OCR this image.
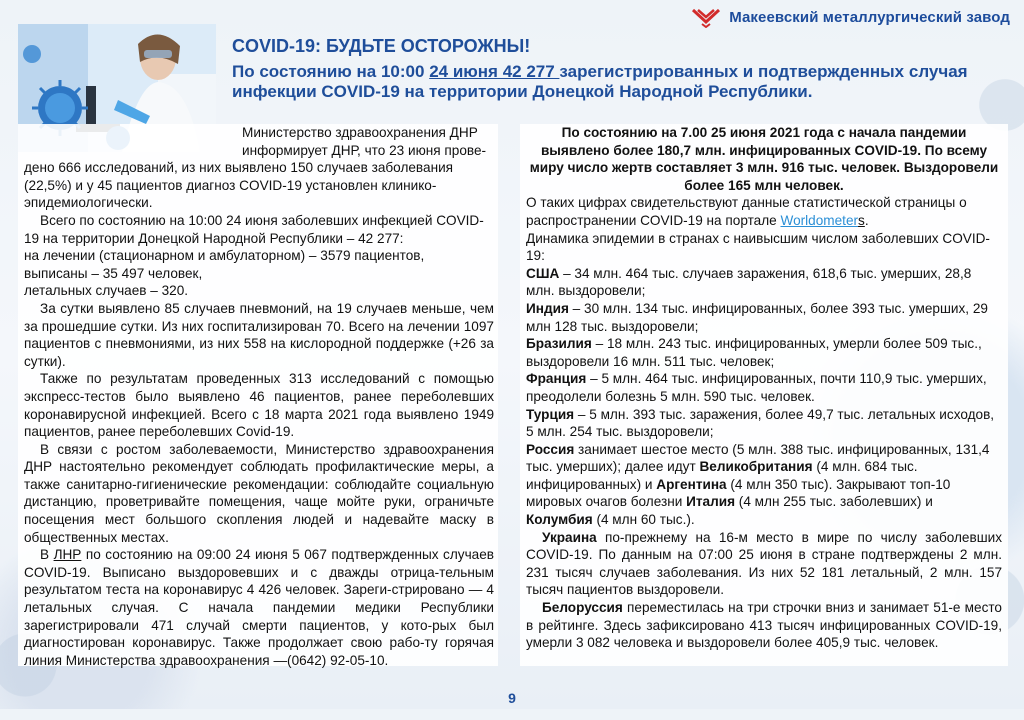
Макеевский металлургический завод
COVID-19: БУДЬТЕ ОСТОРОЖНЫ!
По состоянию на 10:00 24 июня 42 277 зарегистрированных и подтвержденных случая инфекции COVID-19 на территории Донецкой Народной Республики.

Министерство здравоохранения ДНР информирует ДНР, что 23 июня прове-

дено 666 исследований, из них выявлено 150 случаев заболевания (22,5%) и у 45 пациентов диагноз COVID-19 установлен клинико-эпидемиологически.

Всего по состоянию на 10:00 24 июня заболевших инфекцией COVID-19 на территории Донецкой Народной Республики – 42 277:

на лечении (стационарном и амбулаторном) – 3579 пациентов,

выписаны – 35 497 человек,

летальных случаев – 320.

За сутки выявлено 85 случаев пневмоний, на 19 случаев меньше, чем за прошедшие сутки. Из них госпитализирован 70. Всего на лечении 1097 пациентов с пневмониями, из них 558 на кислородной поддержке (+26 за сутки).

Также по результатам проведенных 313 исследований с помощью экспресс-тестов было выявлено 46 пациентов, ранее переболевших коронавирусной инфекцией. Всего с 18 марта 2021 года выявлено 1949 пациентов, ранее переболевших Covid-19.

В связи с ростом заболеваемости, Министерство здравоохранения ДНР настоятельно рекомендует соблюдать профилактические меры, а также санитарно-гигиенические рекомендации: соблюдайте социальную дистанцию, проветривайте помещения, чаще мойте руки, ограничьте посещения мест большого скопления людей и надевайте маску в общественных местах.

В ЛНР по состоянию на 09:00 24 июня 5 067 подтвержденных случаев COVID-19. Выписано выздоровевших и с дважды отрица-тельным результатом теста на коронавирус 4 426 человек. Зареги-стрировано — 4 летальных случая. С начала пандемии медики Республики зарегистрировали 471 случай смерти пациентов, у кото-рых был диагностирован коронавирус. Также продолжает свою рабо-ту горячая линия Министерства здравоохранения —(0642) 92-05-10.

По состоянию на 7.00 25 июня 2021 года с начала пандемии выявлено более 180,7 млн. инфицированных COVID-19. По всему миру число жертв составляет 3 млн. 916 тыс. человек. Выздоровели более 165 млн человек.

О таких цифрах свидетельствуют данные статистической страницы о распространении COVID-19 на портале Worldometers.

Динамика эпидемии в странах с наивысшим числом заболевших COVID-19:

США – 34 млн. 464 тыс. случаев заражения, 618,6 тыс. умерших, 28,8 млн. выздоровели;

Индия – 30 млн. 134 тыс. инфицированных, более 393 тыс. умерших, 29 млн 128 тыс. выздоровели;

Бразилия – 18 млн. 243 тыс. инфицированных, умерли более 509 тыс., выздоровели 16 млн. 511 тыс. человек;

Франция – 5 млн. 464 тыс. инфицированных, почти 110,9 тыс. умерших, преодолели болезнь 5 млн. 590 тыс. человек.

Турция – 5 млн. 393 тыс. заражения, более 49,7 тыс. летальных исходов, 5 млн. 254 тыс. выздоровели;

Россия занимает шестое место (5 млн. 388 тыс. инфицированных, 131,4 тыс. умерших); далее идут Великобритания (4 млн. 684 тыс. инфицированных) и Аргентина (4 млн 350 тыс). Закрывают топ-10 мировых очагов болезни Италия (4 млн 255 тыс. заболевших) и Колумбия (4 млн 60 тыс.).

Украина по-прежнему на 16-м место в мире по числу заболевших COVID-19. По данным на 07:00 25 июня в стране подтверждены 2 млн. 231 тысяч случаев заболевания. Из них 52 181 летальный, 2 млн. 157 тысяч пациентов выздоровели.

Белоруссия переместилась на три строчки вниз и занимает 51-е место в рейтинге. Здесь зафиксировано 413 тысяч инфицированных COVID-19, умерли 3 082 человека и выздоровели более 405,9 тыс. человек.

9
